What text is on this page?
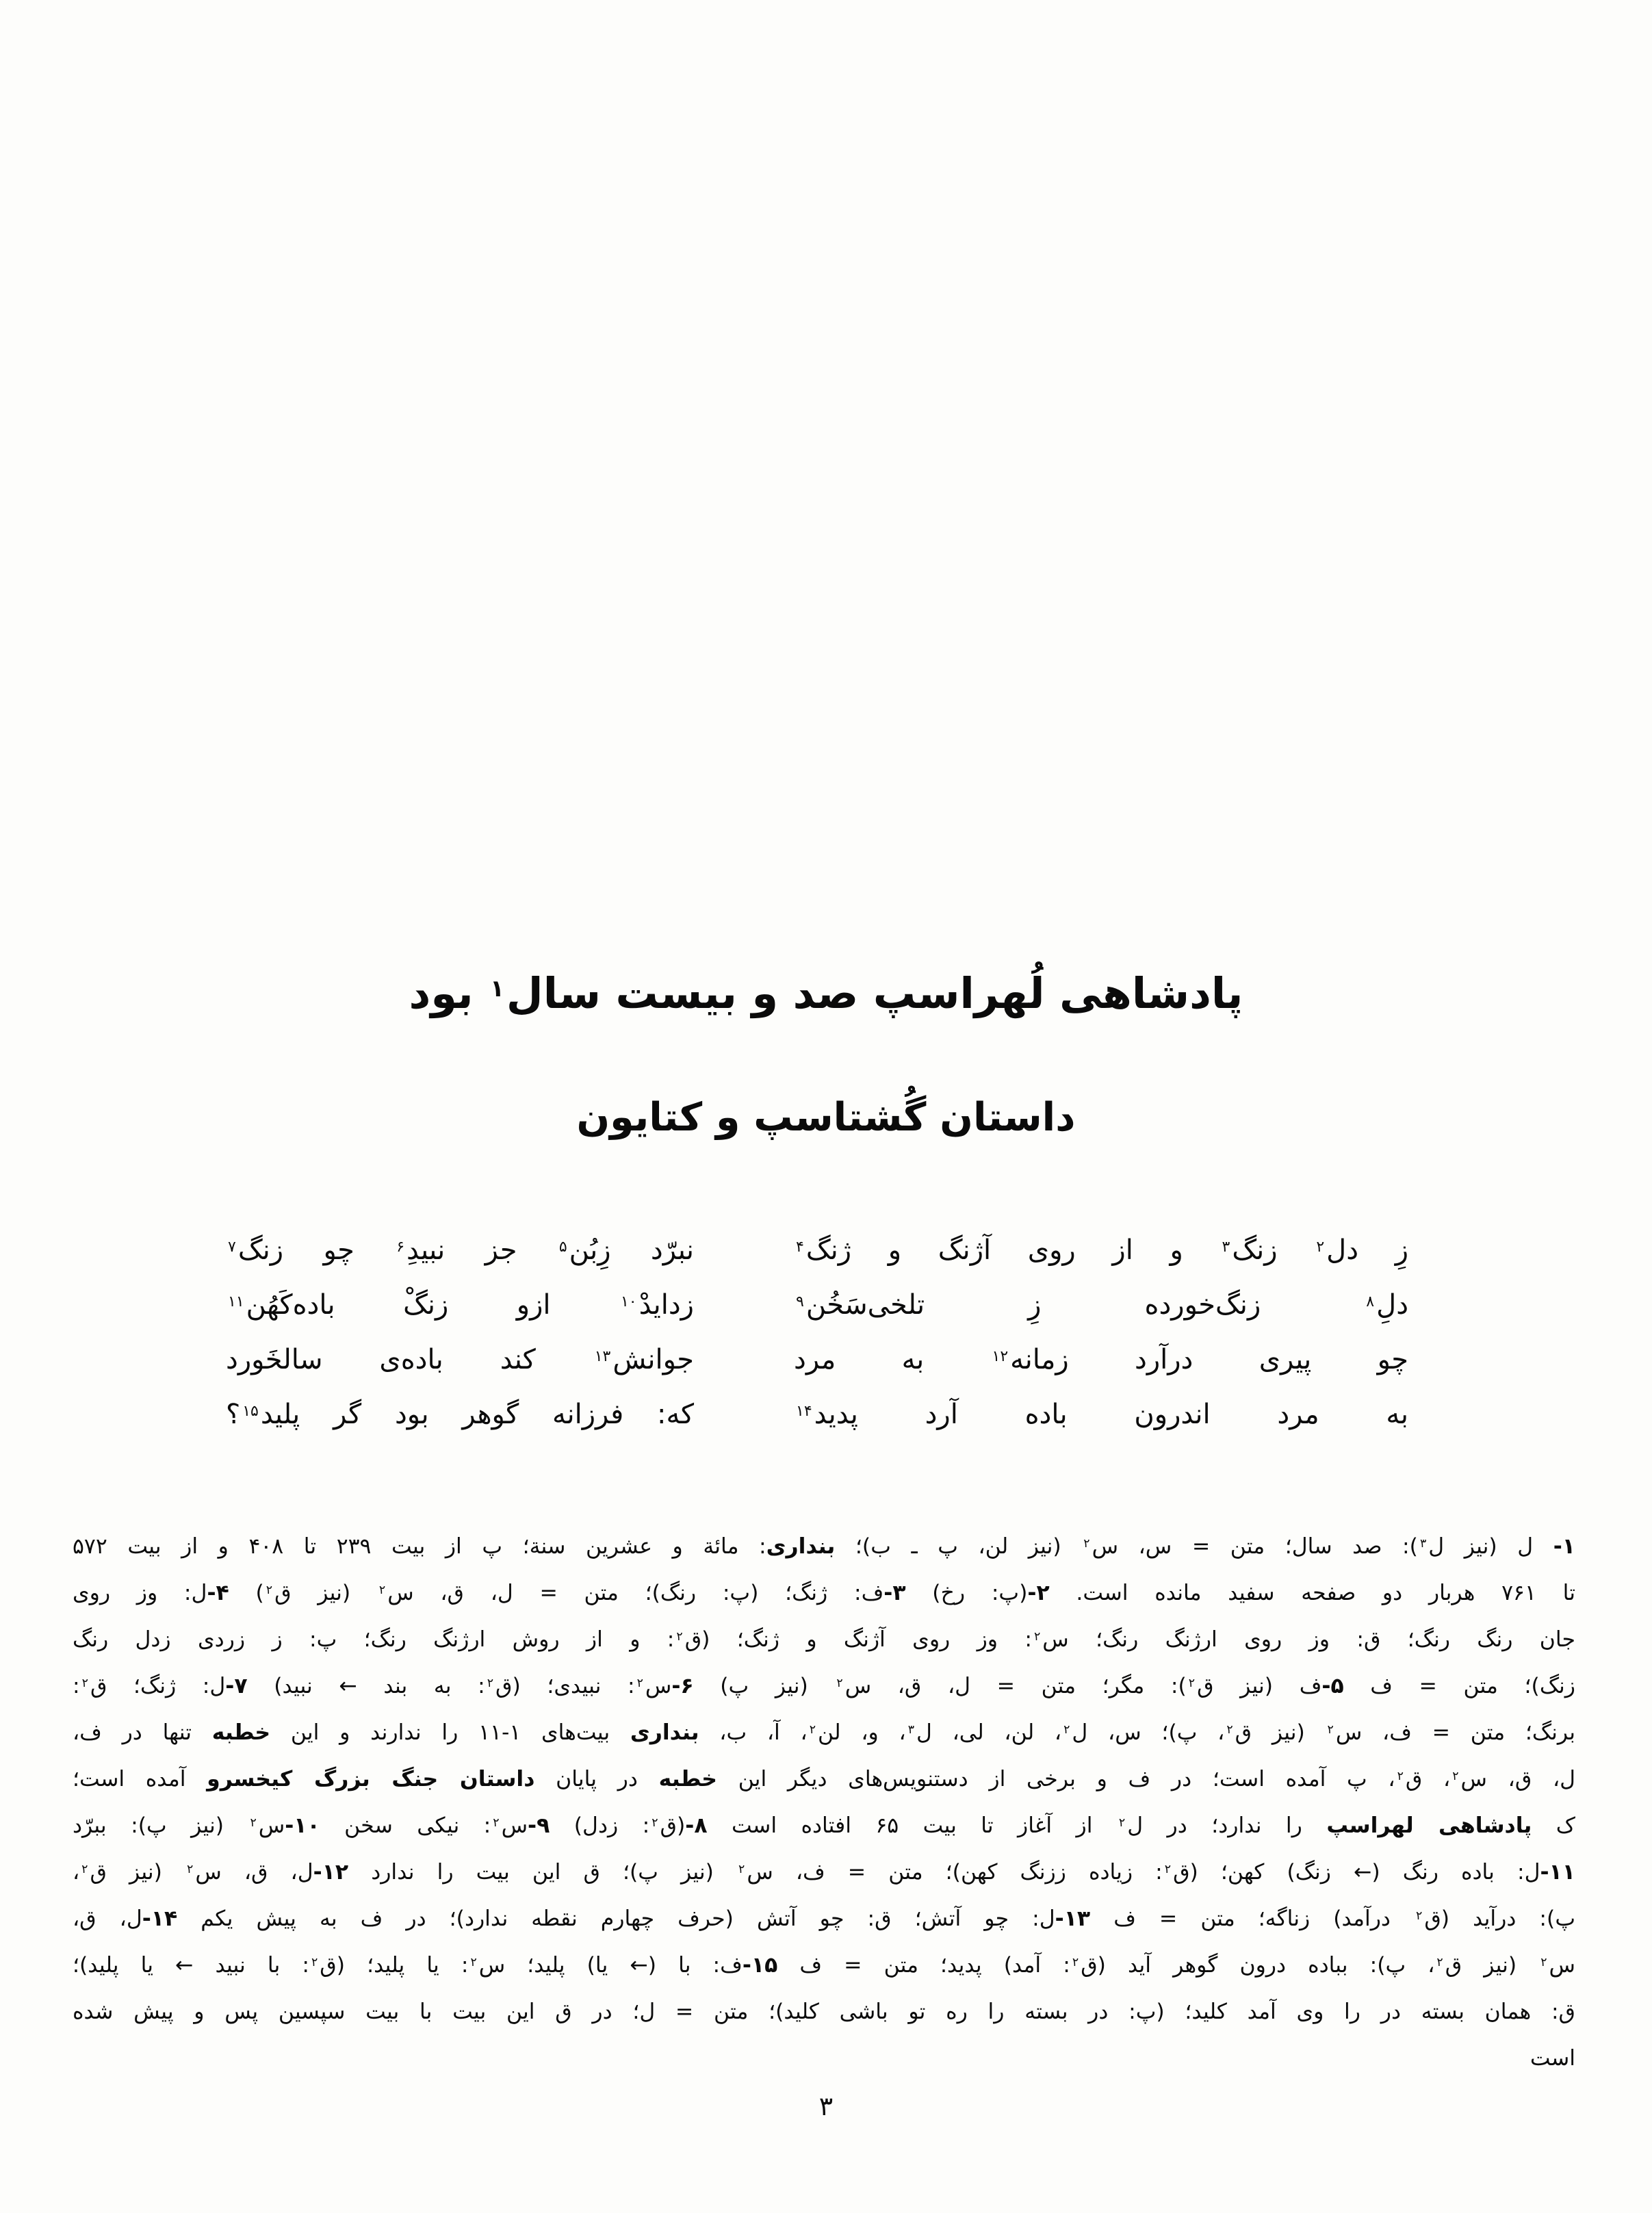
پادشاهی لُهراسپ صد و بیست سال$^۱$ بود
داستان گُشتاسپ و کتایون
زِ دل$^۲$ زنگ$^۳$ و از روی آژنگ و ژنگ$^۴$
نبرّد زِبُن$^۵$ جز نبیدِ$^۶$ چو زنگ$^۷$
دلِ$^۸$ زنگ‌خورده زِ تلخی‌سَخُن$^۹$
زدایدْ$^{۱۰}$ ازو زنگْ باده‌کَهُن$^{۱۱}$
چو پیری درآرد زمانه$^{۱۲}$ به مرد
جوانش$^{۱۳}$ کند باده‌ی سالخَورد
به مرد اندرون باده آرد پدید$^{۱۴}$
که: فرزانه گوهر بود گر پلید$^{۱۵}$؟

۱- ل (نیز ل$^۳$): صد سال؛ متن = س، س$^۲$ (نیز لن، پ ـ ب)؛ بنداری: مائة و عشرین سنة؛ پ از بیت ۲۳۹ تا ۴۰۸ و از بیت ۵۷۲

تا ۷۶۱ هربار دو صفحه سفید مانده است. ۲-(پ: رخ) ۳-ف: ژنگ؛ (پ: رنگ)؛ متن = ل، ق، س$^۲$ (نیز ق$^۲$) ۴-ل: وز روی

جان رنگ رنگ؛ ق: وز روی ارژنگ رنگ؛ س$^۲$: وز روی آژنگ و ژنگ؛ (ق$^۲$: و از روش ارژنگ رنگ؛ پ: ز زردی زدل رنگ

زنگ)؛ متن = ف ۵-ف (نیز ق$^۲$): مگر؛ متن = ل، ق، س$^۲$ (نیز پ) ۶-س$^۲$: نبیدی؛ (ق$^۲$: به بند ← نبید) ۷-ل: ژنگ؛ ق$^۲$:

برنگ؛ متن = ف، س$^۲$ (نیز ق$^۲$، پ)؛ س، ل$^۲$، لن، لی، ل$^۳$، و، لن$^۲$، آ، ب، بنداری بیت‌های ۱-۱۱ را ندارند و این خطبه تنها در ف،

ل، ق، س$^۲$، ق$^۲$، پ آمده است؛ در ف و برخی از دستنویس‌های دیگر این خطبه در پایان داستان جنگ بزرگ کیخسرو آمده است؛

ک پادشاهی لهراسپ را ندارد؛ در ل$^۲$ از آغاز تا بیت ۶۵ افتاده است ۸-(ق$^۲$: زدل) ۹-س$^۲$: نیکی سخن ۱۰-س$^۲$ (نیز پ): ببرّد

۱۱-ل: باده رنگ (← زنگ) کهن؛ (ق$^۲$: زیاده ززنگ کهن)؛ متن = ف، س$^۲$ (نیز پ)؛ ق این بیت را ندارد ۱۲-ل، ق، س$^۲$ (نیز ق$^۲$،

پ): درآید (ق$^۲$ درآمد) زناگه؛ متن = ف ۱۳-ل: چو آتش؛ ق: چو آتش (حرف چهارم نقطه ندارد)؛ در ف به پیش یکم ۱۴-ل، ق،

س$^۲$ (نیز ق$^۲$، پ): بباده درون گوهر آید (ق$^۲$: آمد) پدید؛ متن = ف ۱۵-ف: با (← یا) پلید؛ س$^۲$: یا پلید؛ (ق$^۲$: با نبید ← یا پلید)؛

ق: همان بسته در را وی آمد کلید؛ (پ: در بسته را ره تو باشی کلید)؛ متن = ل؛ در ق این بیت با بیت سپسین پس و پیش شده

است

۳
